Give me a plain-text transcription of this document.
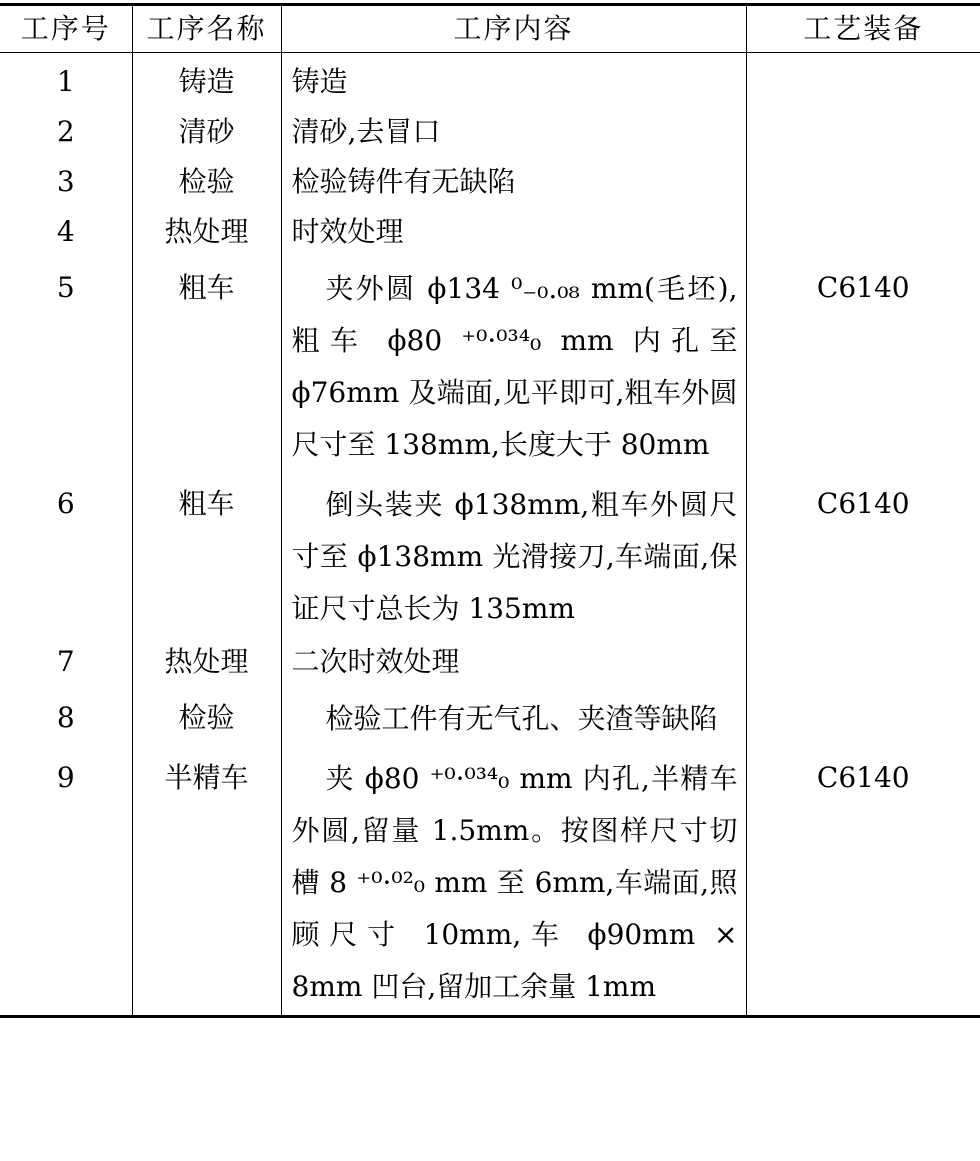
工序号	工序名称	工序内容	工艺装备
1	铸造	铸造	
2	清砂	清砂,去冒口	
3	检验	检验铸件有无缺陷	
4	热处理	时效处理	
5	粗车	夹外圆 ϕ134 ⁰₋₀.₀₈ mm(毛坯),粗车 ϕ80 ⁺⁰·⁰³⁴₀ mm 内孔至ϕ76mm 及端面,见平即可,粗车外圆尺寸至 138mm,长度大于 80mm	C6140
6	粗车	倒头装夹 ϕ138mm,粗车外圆尺寸至 ϕ138mm 光滑接刀,车端面,保证尺寸总长为 135mm	C6140
7	热处理	二次时效处理	
8	检验	检验工件有无气孔、夹渣等缺陷	

9	半精车	夹 ϕ80 ⁺⁰·⁰³⁴₀ mm 内孔,半精车外圆,留量 1.5mm。按图样尺寸切槽 8 ⁺⁰·⁰²₀ mm 至 6mm,车端面,照顾尺寸 10mm,车 ϕ90mm × 8mm 凹台,留加工余量 1mm	C6140
